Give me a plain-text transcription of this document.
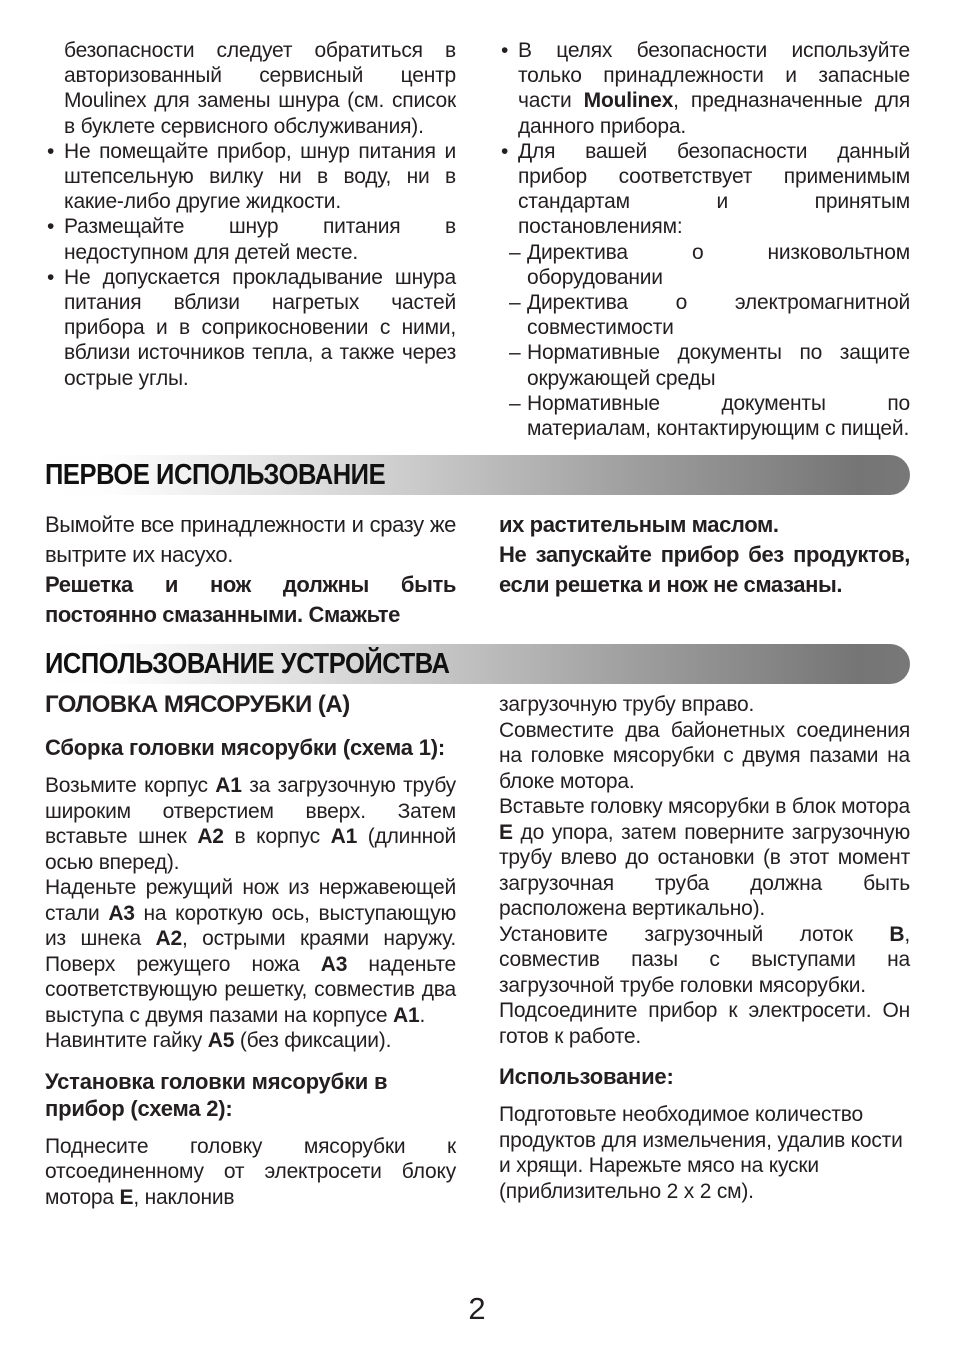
безопасности следует обратиться в авторизованный сервисный центр Moulinex для замены шнура (см. список в буклете сервисного обслуживания).
• Не помещайте прибор, шнур питания и штепсельную вилку ни в воду, ни в какие-либо другие жидкости.
• Размещайте шнур питания в недоступном для детей месте.
• Не допускается прокладывание шнура питания вблизи нагретых частей прибора и в соприкосновении с ними, вблизи источников тепла, а также через острые углы.
• В целях безопасности используйте только принадлежности и запасные части Moulinex, предназначенные для данного прибора.
• Для вашей безопасности данный прибор соответствует применимым стандартам и принятым постановлениям:
– Директива о низковольтном оборудовании
– Директива о электромагнитной совместимости
– Нормативные документы по защите окружающей среды
– Нормативные документы по материалам, контактирующим с пищей.
ПЕРВОЕ ИСПОЛЬЗОВАНИЕ
Вымойте все принадлежности и сразу же вытрите их насухо.
Решетка и нож должны быть постоянно смазанными. Смажьте
их растительным маслом.
Не запускайте прибор без продуктов, если решетка и нож не смазаны.
ИСПОЛЬЗОВАНИЕ УСТРОЙСТВА
ГОЛОВКА МЯСОРУБКИ (А)
Сборка головки мясорубки (схема 1):
Возьмите корпус А1 за загрузочную трубу широким отверстием вверх. Затем вставьте шнек А2 в корпус А1 (длинной осью вперед).
Наденьте режущий нож из нержавеющей стали А3 на короткую ось, выступающую из шнека А2, острыми краями наружу. Поверх режущего ножа А3 наденьте соответствующую решетку, совместив два выступа с двумя пазами на корпусе А1.
Навинтите гайку А5 (без фиксации).
Установка головки мясорубки в прибор (схема 2):
Поднесите головку мясорубки к отсоединенному от электросети блоку мотора Е, наклонив
загрузочную трубу вправо.
Совместите два байонетных соединения на головке мясорубки с двумя пазами на блоке мотора.
Вставьте головку мясорубки в блок мотора Е до упора, затем поверните загрузочную трубу влево до остановки (в этот момент загрузочная труба должна быть расположена вертикально).
Установите загрузочный лоток В, совместив пазы с выступами на загрузочной трубе головки мясорубки.
Подсоедините прибор к электросети. Он готов к работе.
Использование:
Подготовьте необходимое количество продуктов для измельчения, удалив кости и хрящи. Нарежьте мясо на куски (приблизительно 2 х 2 см).
2
